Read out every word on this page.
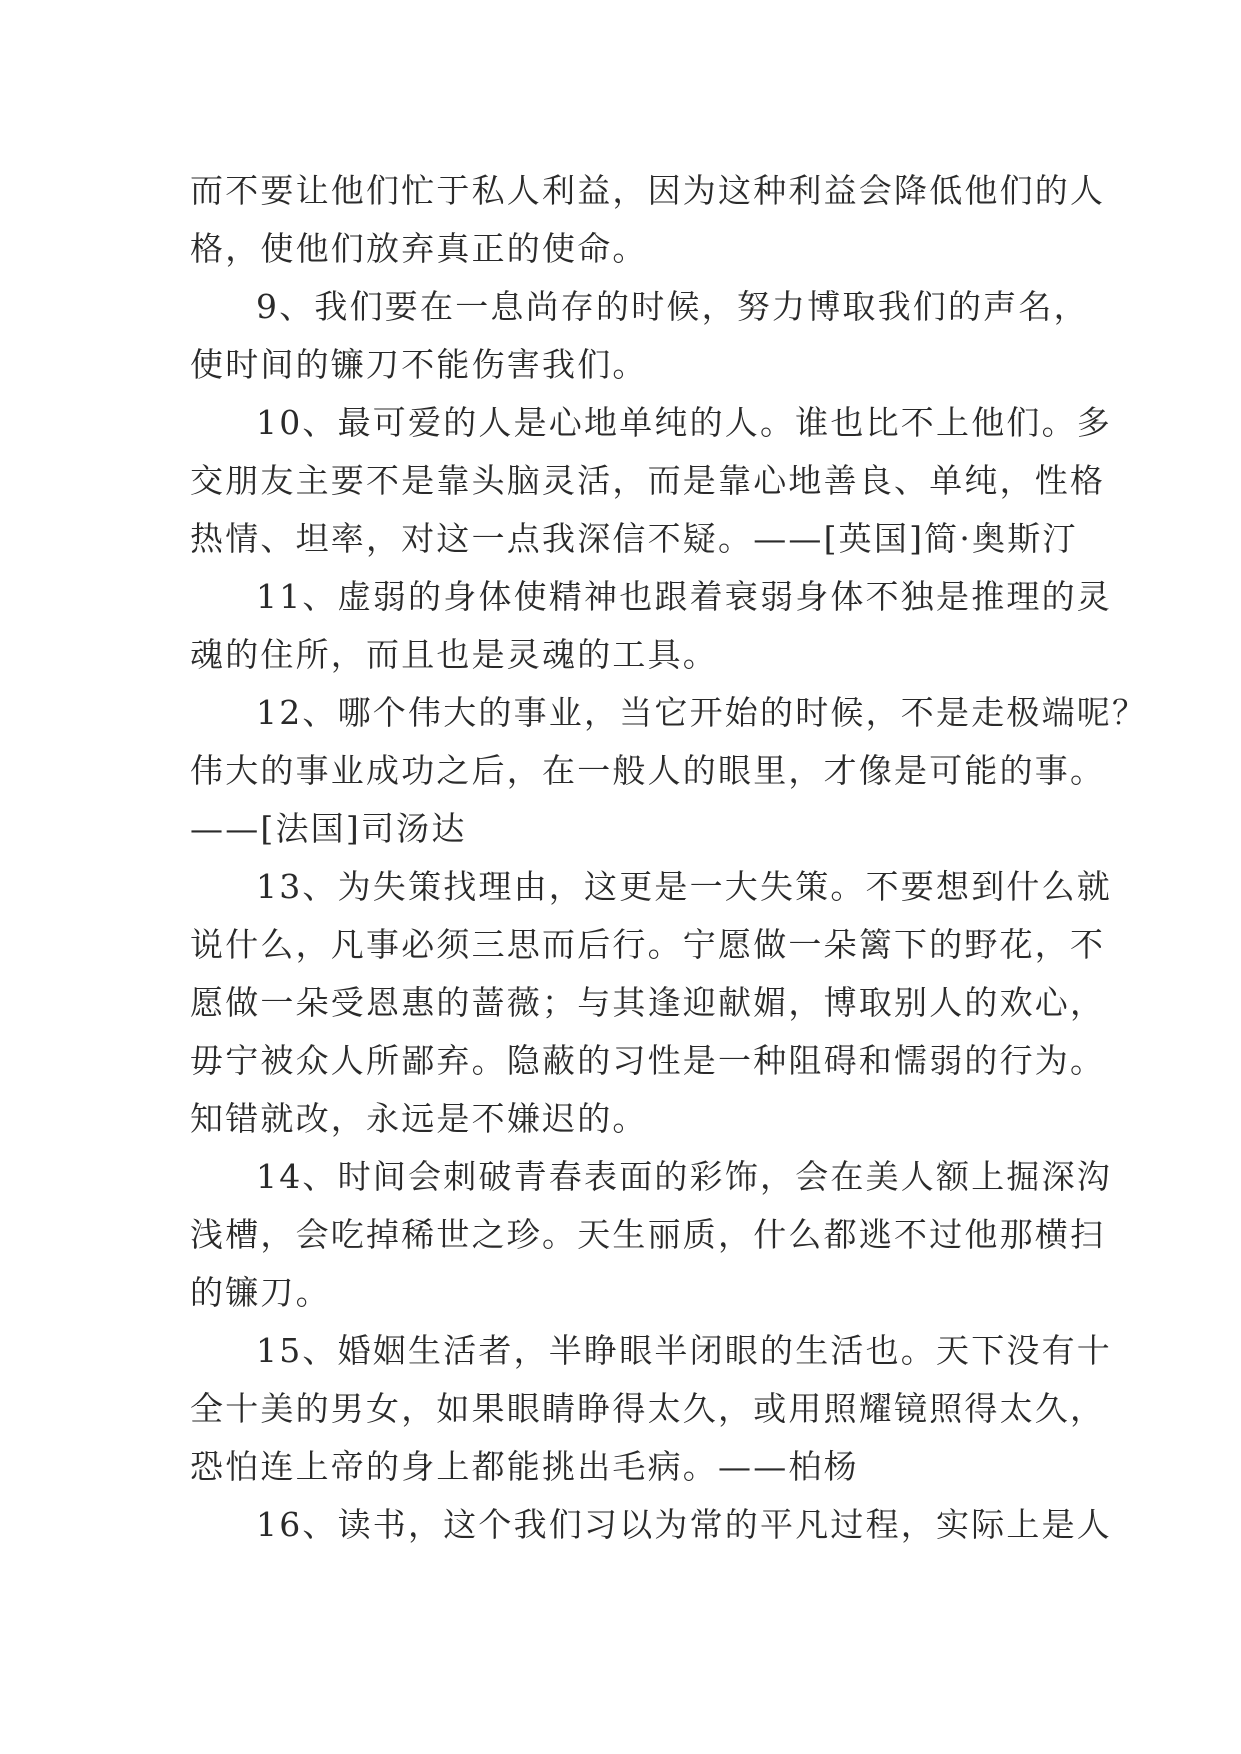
而不要让他们忙于私人利益，因为这种利益会降低他们的人
格，使他们放弃真正的使命。
9、我们要在一息尚存的时候，努力博取我们的声名，
使时间的镰刀不能伤害我们。
10、最可爱的人是心地单纯的人。谁也比不上他们。多
交朋友主要不是靠头脑灵活，而是靠心地善良、单纯，性格
热情、坦率，对这一点我深信不疑。——[英国]简·奥斯汀
11、虚弱的身体使精神也跟着衰弱身体不独是推理的灵
魂的住所，而且也是灵魂的工具。
12、哪个伟大的事业，当它开始的时候，不是走极端呢？
伟大的事业成功之后，在一般人的眼里，才像是可能的事。
——[法国]司汤达
13、为失策找理由，这更是一大失策。不要想到什么就
说什么，凡事必须三思而后行。宁愿做一朵篱下的野花，不
愿做一朵受恩惠的蔷薇；与其逢迎献媚，博取别人的欢心，
毋宁被众人所鄙弃。隐蔽的习性是一种阻碍和懦弱的行为。
知错就改，永远是不嫌迟的。
14、时间会刺破青春表面的彩饰，会在美人额上掘深沟
浅槽，会吃掉稀世之珍。天生丽质，什么都逃不过他那横扫
的镰刀。
15、婚姻生活者，半睁眼半闭眼的生活也。天下没有十
全十美的男女，如果眼睛睁得太久，或用照耀镜照得太久，
恐怕连上帝的身上都能挑出毛病。——柏杨
16、读书，这个我们习以为常的平凡过程，实际上是人
